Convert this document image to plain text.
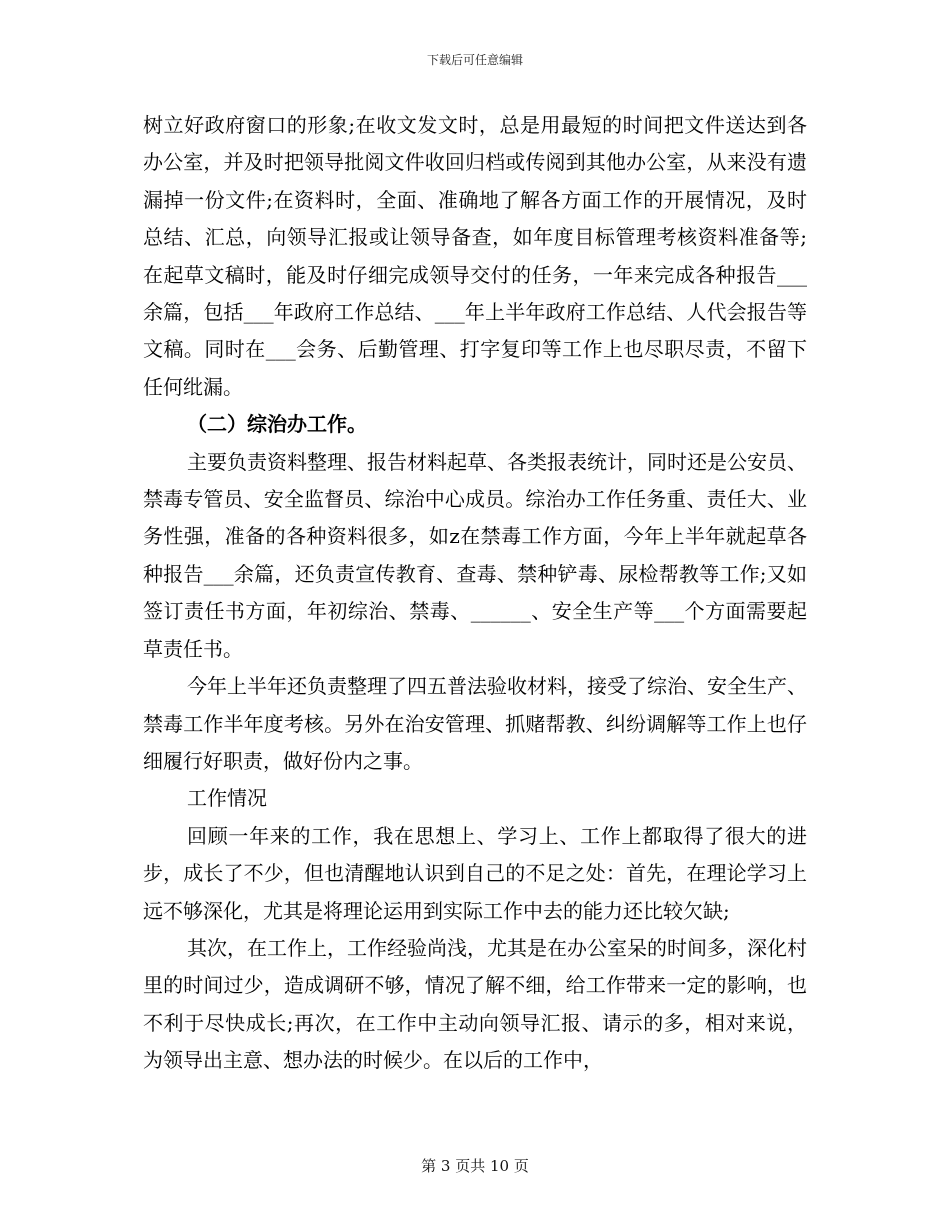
下载后可任意编辑

树立好政府窗口的形象;在收文发文时，总是用最短的时间把文件送达到各办公室，并及时把领导批阅文件收回归档或传阅到其他办公室，从来没有遗漏掉一份文件;在资料时，全面、准确地了解各方面工作的开展情况，及时总结、汇总，向领导汇报或让领导备查，如年度目标管理考核资料准备等;在起草文稿时，能及时仔细完成领导交付的任务，一年来完成各种报告___余篇，包括___年政府工作总结、___年上半年政府工作总结、人代会报告等文稿。同时在___会务、后勤管理、打字复印等工作上也尽职尽责，不留下任何纰漏。

（二）综治办工作。

主要负责资料整理、报告材料起草、各类报表统计，同时还是公安员、禁毒专管员、安全监督员、综治中心成员。综治办工作任务重、责任大、业务性强，准备的各种资料很多，如z在禁毒工作方面，今年上半年就起草各种报告___余篇，还负责宣传教育、查毒、禁种铲毒、尿检帮教等工作;又如签订责任书方面，年初综治、禁毒、______、安全生产等___个方面需要起草责任书。

今年上半年还负责整理了四五普法验收材料，接受了综治、安全生产、禁毒工作半年度考核。另外在治安管理、抓赌帮教、纠纷调解等工作上也仔细履行好职责，做好份内之事。

工作情况

回顾一年来的工作，我在思想上、学习上、工作上都取得了很大的进步，成长了不少，但也清醒地认识到自己的不足之处：首先，在理论学习上远不够深化，尤其是将理论运用到实际工作中去的能力还比较欠缺;

其次，在工作上，工作经验尚浅，尤其是在办公室呆的时间多，深化村里的时间过少，造成调研不够，情况了解不细，给工作带来一定的影响，也不利于尽快成长;再次，在工作中主动向领导汇报、请示的多，相对来说，为领导出主意、想办法的时候少。在以后的工作中，

第 3 页共 10 页
